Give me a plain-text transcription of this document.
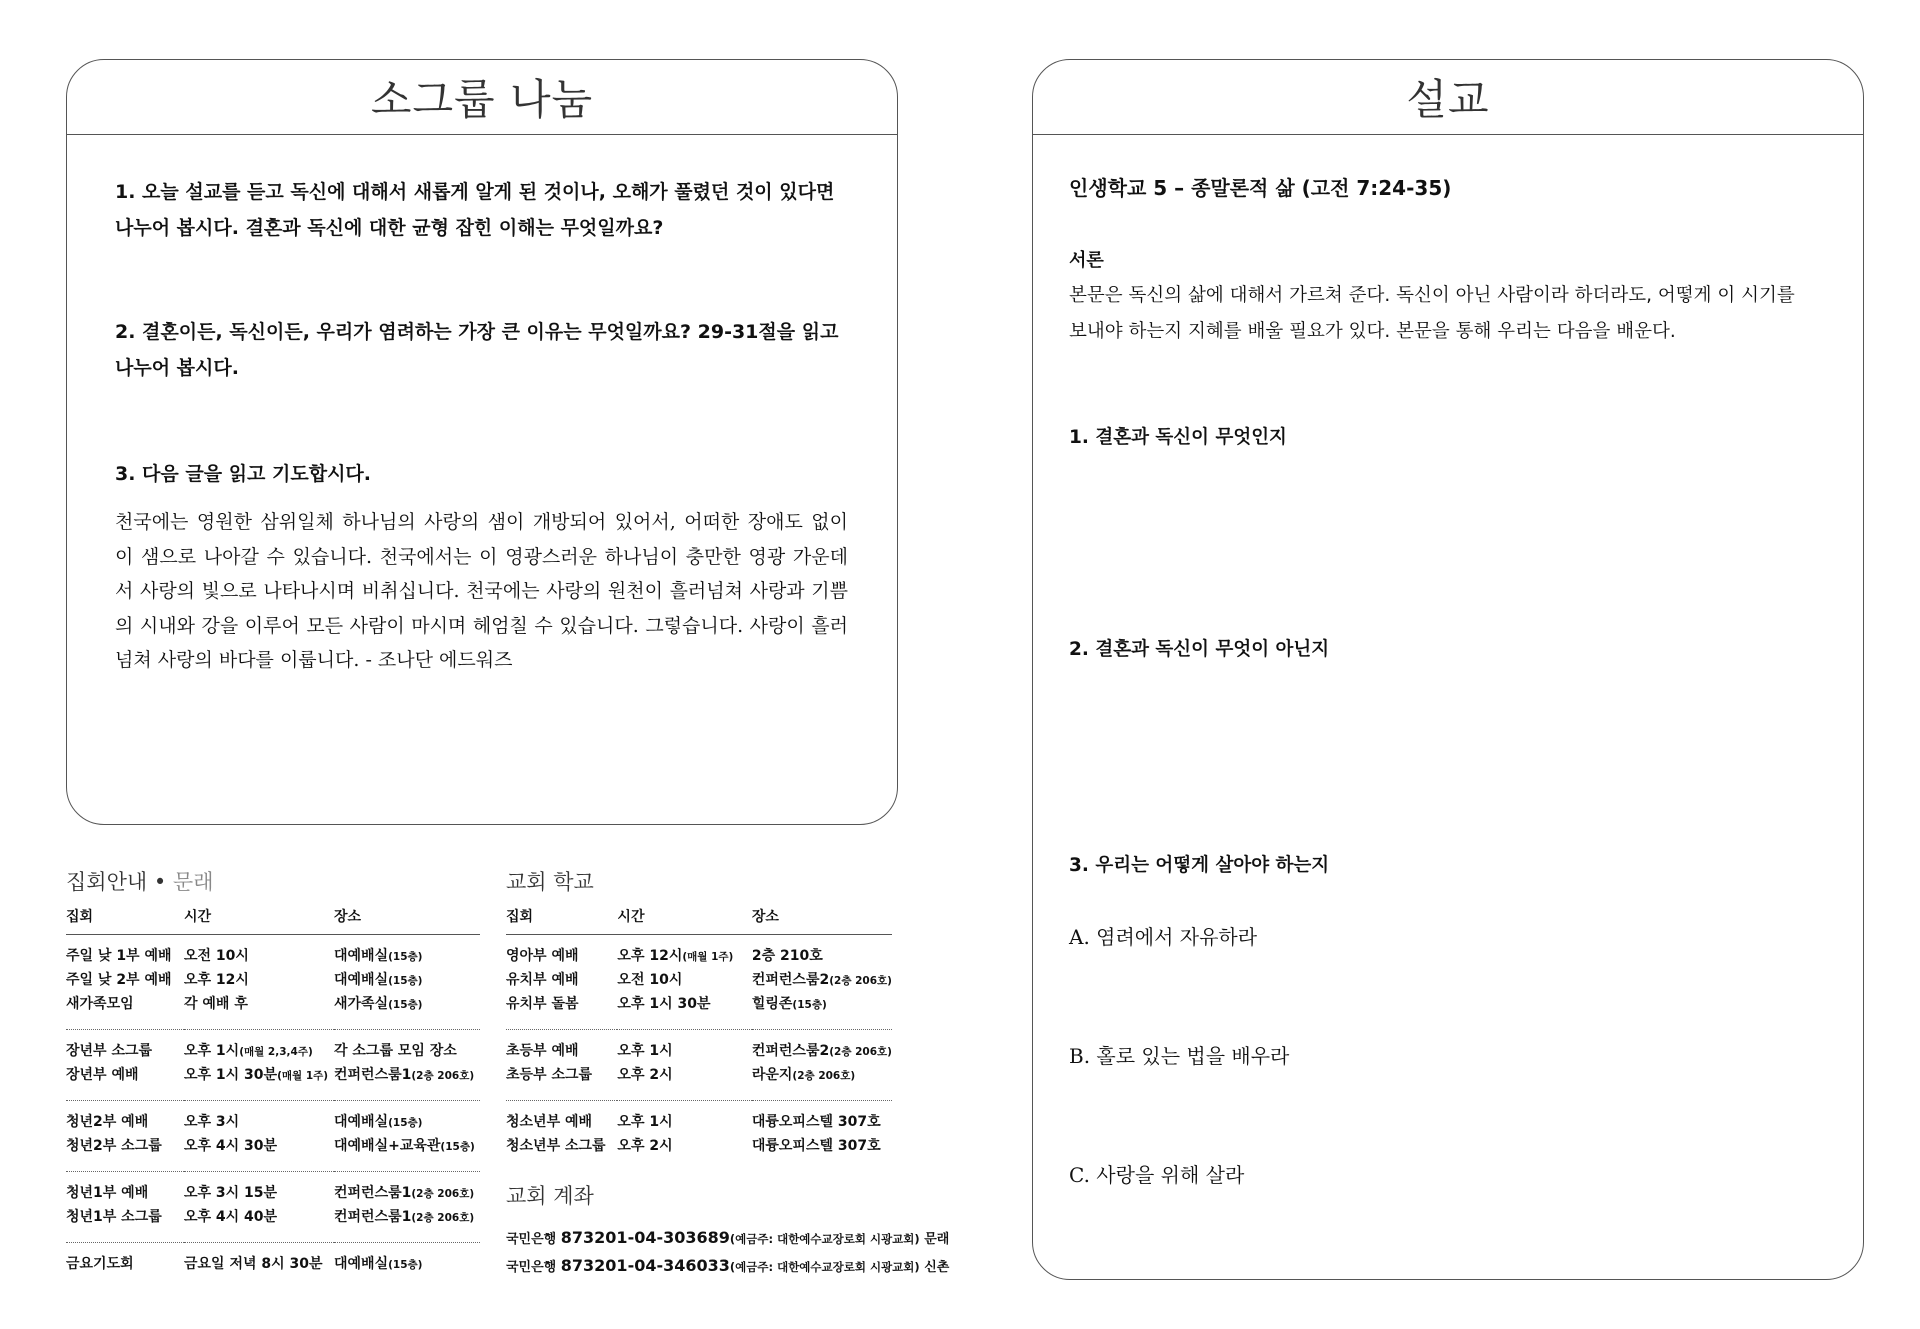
소그룹 나눔
1. 오늘 설교를 듣고 독신에 대해서 새롭게 알게 된 것이나, 오해가 풀렸던 것이 있다면
나누어 봅시다. 결혼과 독신에 대한 균형 잡힌 이해는 무엇일까요?
2. 결혼이든, 독신이든, 우리가 염려하는 가장 큰 이유는 무엇일까요? 29-31절을 읽고
나누어 봅시다.
3. 다음 글을 읽고 기도합시다.
천국에는 영원한 삼위일체 하나님의 사랑의 샘이 개방되어 있어서, 어떠한 장애도 없이 이 샘으로 나아갈 수 있습니다. 천국에서는 이 영광스러운 하나님이 충만한 영광 가운데서 사랑의 빛으로 나타나시며 비취십니다. 천국에는 사랑의 원천이 흘러넘쳐 사랑과 기쁨의 시내와 강을 이루어 모든 사람이 마시며 헤엄칠 수 있습니다. 그렇습니다. 사랑이 흘러넘쳐 사랑의 바다를 이룹니다. - 조나단 에드워즈
설교
인생학교 5 – 종말론적 삶 (고전 7:24-35)
서론
본문은 독신의 삶에 대해서 가르쳐 준다. 독신이 아닌 사람이라 하더라도, 어떻게 이 시기를
보내야 하는지 지혜를 배울 필요가 있다. 본문을 통해 우리는 다음을 배운다.
1. 결혼과 독신이 무엇인지
2. 결혼과 독신이 무엇이 아닌지
3. 우리는 어떻게 살아야 하는지
A. 염려에서 자유하라
B. 홀로 있는 법을 배우라
C. 사랑을 위해 살라
집회안내 • 문래
집회	시간	장소
주일 낮 1부 예배	오전 10시	대예배실(15층)
주일 낮 2부 예배	오후 12시	대예배실(15층)
새가족모임	각 예배 후	새가족실(15층)

장년부 소그룹	오후 1시(매월 2,3,4주)	각 소그룹 모임 장소
장년부 예배	오후 1시 30분(매월 1주)	컨퍼런스룸1(2층 206호)

청년2부 예배	오후 3시	대예배실(15층)
청년2부 소그룹	오후 4시 30분	대예배실+교육관(15층)

청년1부 예배	오후 3시 15분	컨퍼런스룸1(2층 206호)
청년1부 소그룹	오후 4시 40분	컨퍼런스룸1(2층 206호)

금요기도회	금요일 저녁 8시 30분	대예배실(15층)
교회 학교
집회	시간	장소
영아부 예배	오후 12시(매월 1주)	2층 210호
유치부 예배	오전 10시	컨퍼런스룸2(2층 206호)
유치부 돌봄	오후 1시 30분	힐링존(15층)

초등부 예배	오후 1시	컨퍼런스룸2(2층 206호)
초등부 소그룹	오후 2시	라운지(2층 206호)

청소년부 예배	오후 1시	대륭오피스텔 307호
청소년부 소그룹	오후 2시	대륭오피스텔 307호
교회 계좌
국민은행 873201-04-303689(예금주: 대한예수교장로회 시광교회) 문래
국민은행 873201-04-346033(예금주: 대한예수교장로회 시광교회) 신촌
